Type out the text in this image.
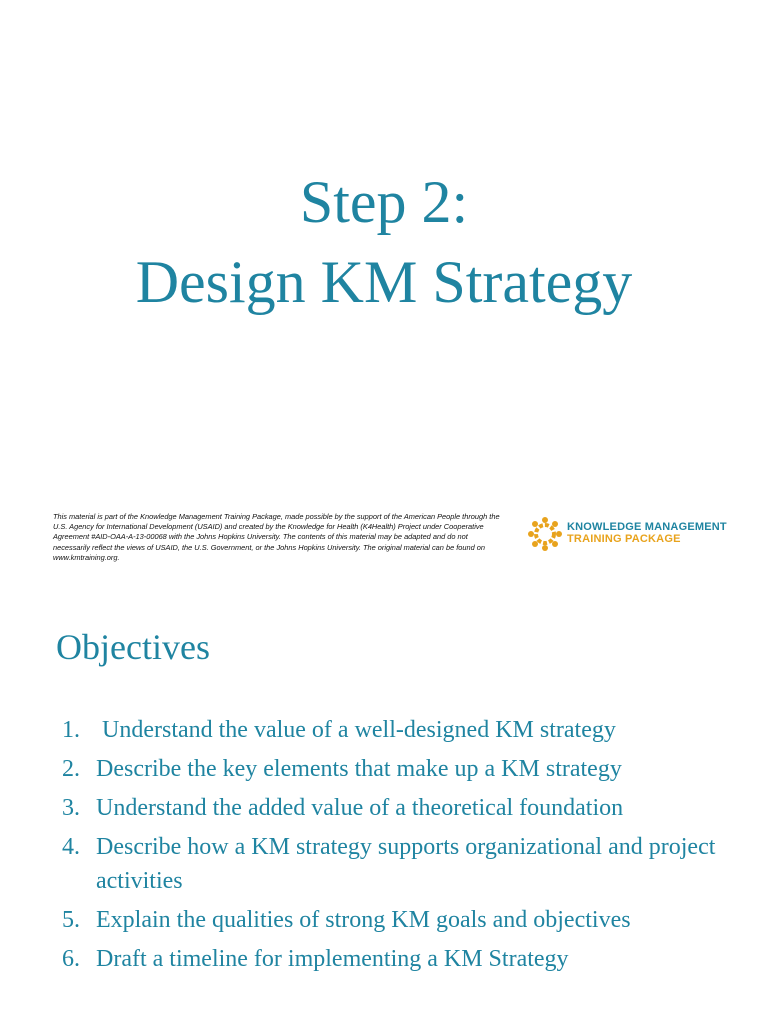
Step 2:
Design KM Strategy
This material is part of the Knowledge Management Training Package, made possible by the support of the American People through the U.S. Agency for International Development (USAID) and created by the Knowledge for Health (K4Health) Project under Cooperative Agreement #AID-OAA-A-13-00068 with the Johns Hopkins University. The contents of this material may be adapted and do not necessarily reflect the views of USAID, the U.S. Government, or the Johns Hopkins University. The original material can be found on www.kmtraining.org.
KNOWLEDGE MANAGEMENT
TRAINING PACKAGE
Objectives
1. Understand the value of a well-designed KM strategy
2. Describe the key elements that make up a KM strategy
3. Understand the added value of a theoretical foundation
4. Describe how a KM strategy supports organizational and project activities
5. Explain the qualities of strong KM goals and objectives
6. Draft a timeline for implementing a KM Strategy
